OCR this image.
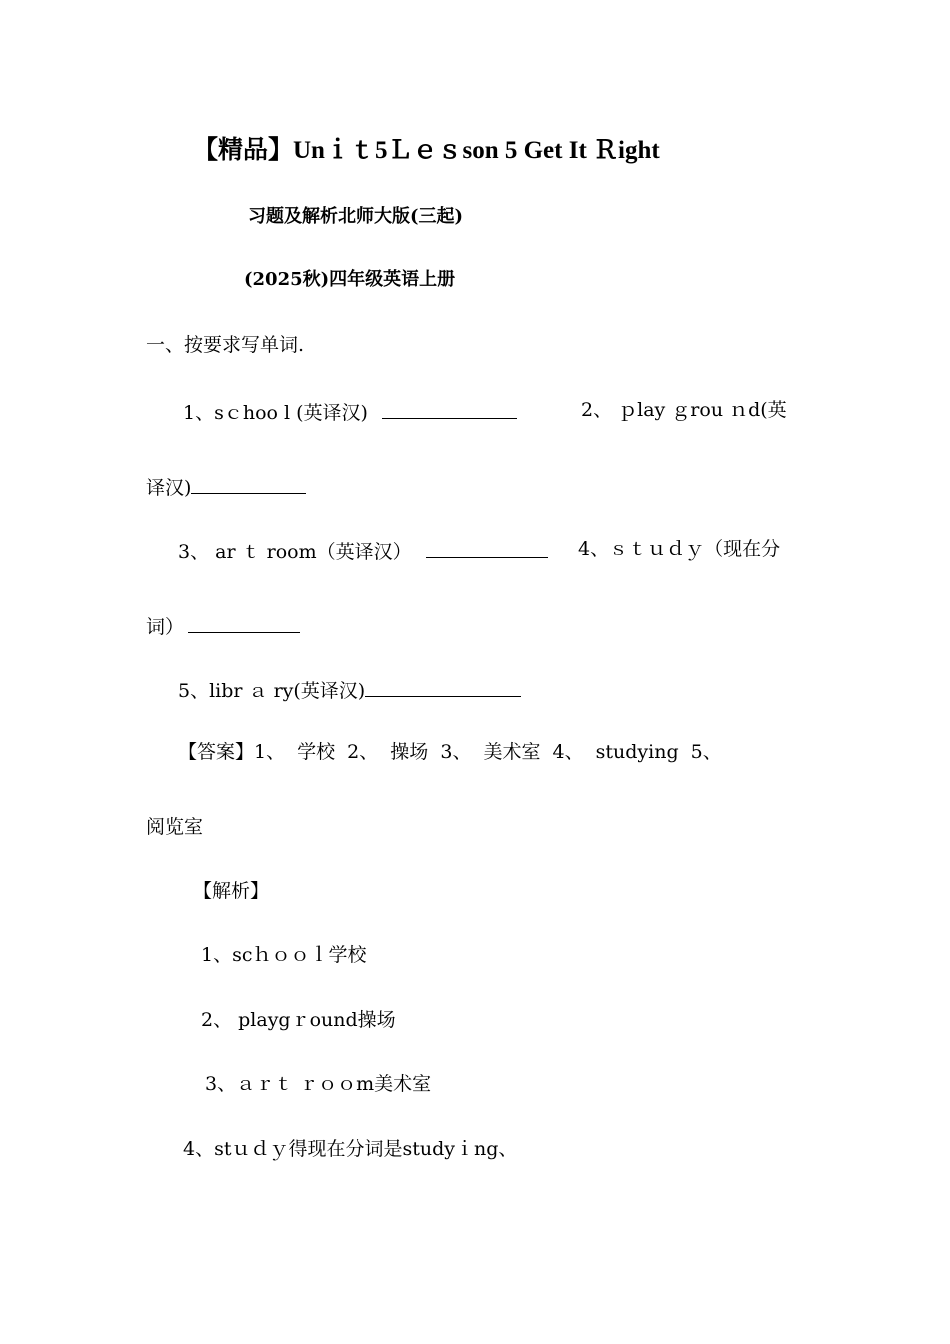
【精品】Unｉｔ5Ｌｅｓson 5 Get It Ｒight
习题及解析北师大版(三起)
(2025秋)四年级英语上册
一、按要求写单词.
1、sｃhoo l (英译汉)	2、 ｐlay ｇrou ｎd(英
译汉)
3、 ar ｔ room（英译汉）	4、ｓｔｕｄｙ（现在分
词）
5、libr ａ ry(英译汉)
【答案】1、 学校 2、 操场 3、 美术室 4、 studying 5、
阅览室
【解析】
1、scｈｏｏｌ学校
2、 playgｒound操场
3、ａｒｔ ｒｏｏm美术室
4、stｕｄｙ得现在分词是studyｉng、
